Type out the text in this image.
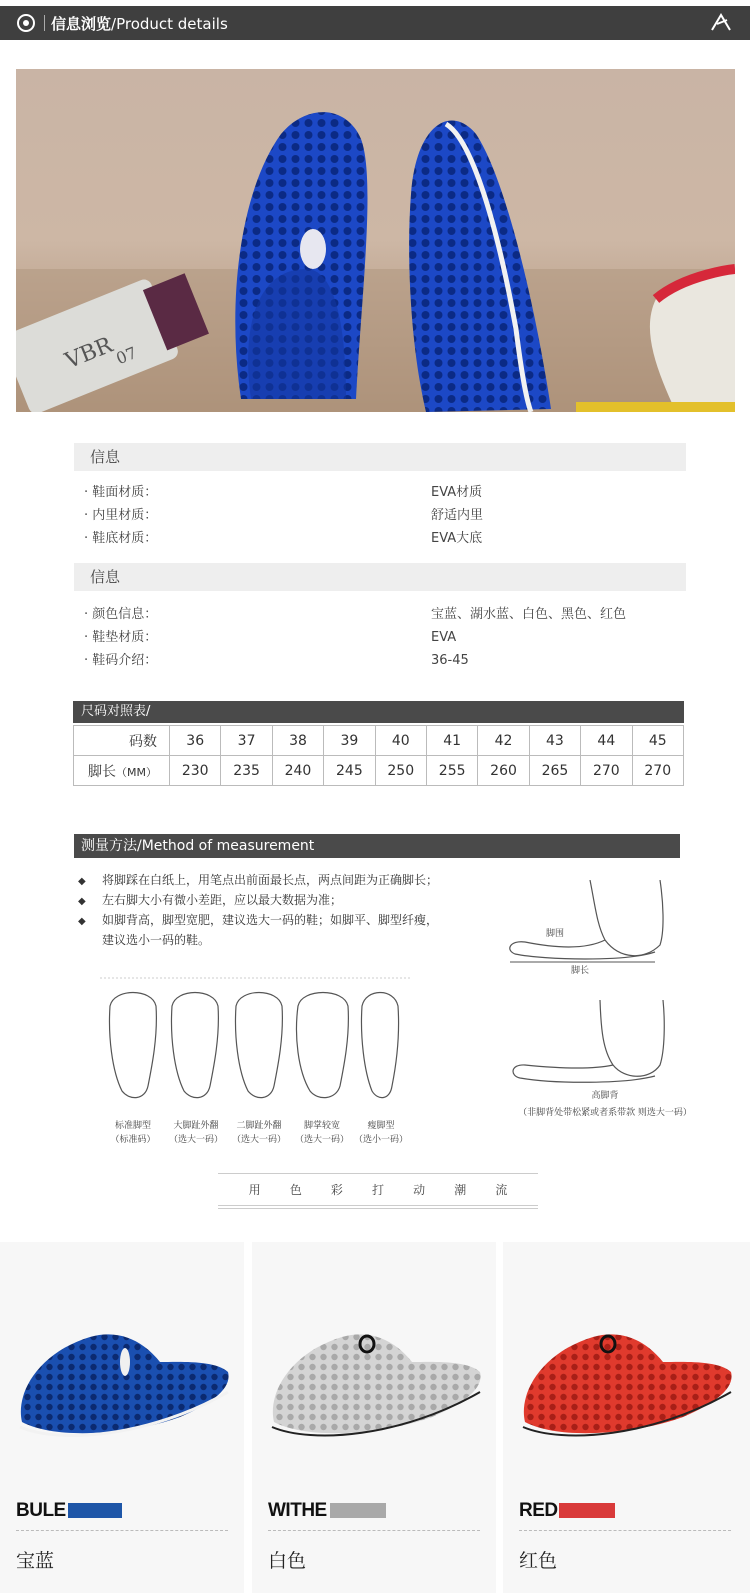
信息浏览/Product details
VBR
07
信息
· 鞋面材质：	EVA材质
· 内里材质：	舒适内里
· 鞋底材质：	EVA大底
信息
· 颜色信息：	宝蓝、湖水蓝、白色、黑色、红色
· 鞋垫材质：	EVA
· 鞋码介绍：	36-45
尺码对照表/
码数	36	37	38	39	40	41	42	43	44	45
脚长（MM）	230	235	240	245	250	255	260	265	270	270
测量方法/Method of measurement
◆ 将脚踩在白纸上，用笔点出前面最长点，两点间距为正确脚长；
◆ 左右脚大小有微小差距，应以最大数据为准；
◆ 如脚背高，脚型宽肥，建议选大一码的鞋；如脚平、脚型纤瘦，
建议选小一码的鞋。
标准脚型
（标准码）
大脚趾外翻
（选大一码）
二脚趾外翻
（选大一码）
脚掌较宽
（选大一码）
瘦脚型
（选小一码）
脚围
脚长
高脚背
（非脚背处带松紧或者系带款 则选大一码）
用 色 彩 打 动 潮 流
BULE
宝蓝
WITHE
白色
RED
红色
